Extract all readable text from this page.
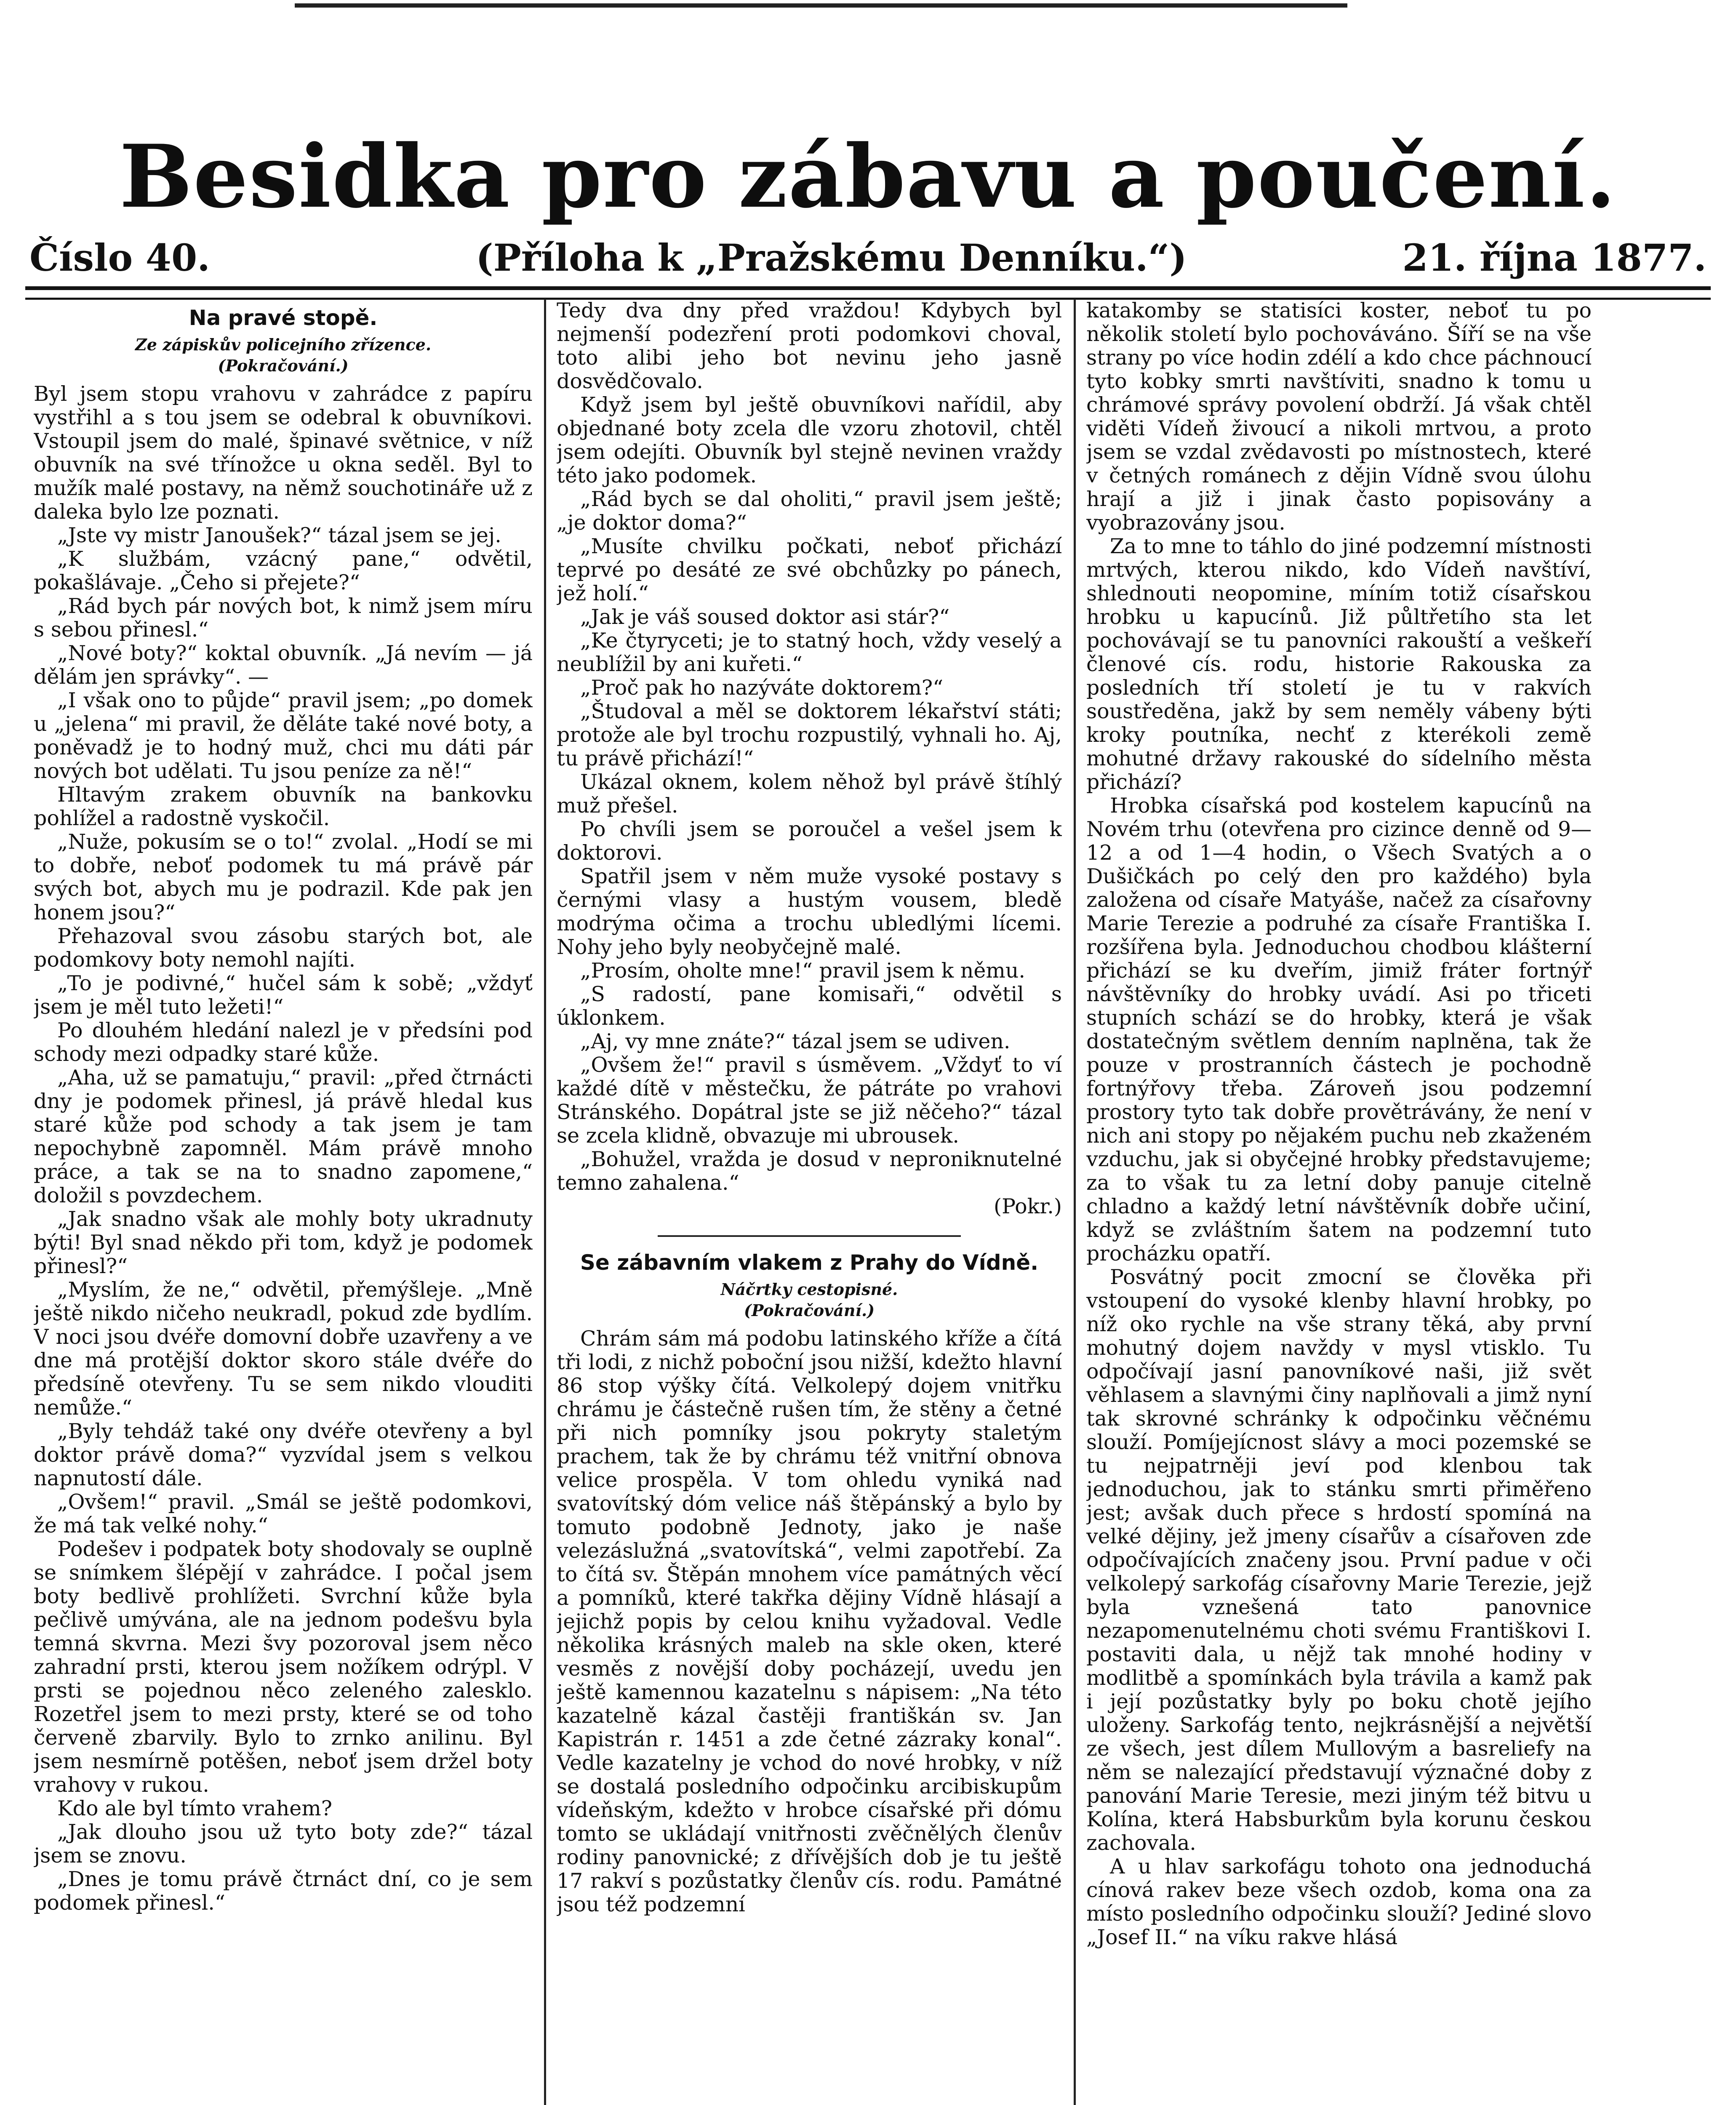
Besidka pro zábavu a poučení.
Číslo 40.	(Příloha k „Pražskému Denníku.“)	21. října 1877.
Na pravé stopě.
Ze zápiskův policejního zřízence.
(Pokračování.)

Byl jsem stopu vrahovu v zahrádce z papíru vystřihl a s tou jsem se odebral k obuvníkovi. Vstoupil jsem do malé, špinavé světnice, v níž obuvník na své třínožce u okna seděl. Byl to mužík malé postavy, na němž souchotináře už z daleka bylo lze poznati.

„Jste vy mistr Janoušek?“ tázal jsem se jej.

„K službám, vzácný pane,“ odvětil, pokašlávaje. „Čeho si přejete?“

„Rád bych pár nových bot, k nimž jsem míru s sebou přinesl.“

„Nové boty?“ koktal obuvník. „Já nevím — já dělám jen správky“. —

„I však ono to půjde“ pravil jsem; „po domek u „jelena“ mi pravil, že děláte také nové boty, a poněvadž je to hodný muž, chci mu dáti pár nových bot udělati. Tu jsou peníze za ně!“

Hltavým zrakem obuvník na bankovku pohlížel a radostně vyskočil.

„Nuže, pokusím se o to!“ zvolal. „Hodí se mi to dobře, neboť podomek tu má právě pár svých bot, abych mu je podrazil. Kde pak jen honem jsou?“

Přehazoval svou zásobu starých bot, ale podomkovy boty nemohl najíti.

„To je podivné,“ hučel sám k sobě; „vždyť jsem je měl tuto ležeti!“

Po dlouhém hledání nalezl je v předsíni pod schody mezi odpadky staré kůže.

„Aha, už se pamatuju,“ pravil: „před čtrnácti dny je podomek přinesl, já právě hledal kus staré kůže pod schody a tak jsem je tam nepochybně zapomněl. Mám právě mnoho práce, a tak se na to snadno zapomene,“ doložil s povzdechem.

„Jak snadno však ale mohly boty ukradnuty býti! Byl snad někdo při tom, když je podomek přinesl?“

„Myslím, že ne,“ odvětil, přemýšleje. „Mně ještě nikdo ničeho neukradl, pokud zde bydlím. V noci jsou dvéře domovní dobře uzavřeny a ve dne má protější doktor skoro stále dvéře do předsíně otevřeny. Tu se sem nikdo vlouditi nemůže.“

„Byly tehdáž také ony dvéře otevřeny a byl doktor právě doma?“ vyzvídal jsem s velkou napnutostí dále.

„Ovšem!“ pravil. „Smál se ještě podomkovi, že má tak velké nohy.“

Podešev i podpatek boty shodovaly se ouplně se snímkem šlépějí v zahrádce. I počal jsem boty bedlivě prohlížeti. Svrchní kůže byla pečlivě umývána, ale na jednom podešvu byla temná skvrna. Mezi švy pozoroval jsem něco zahradní prsti, kterou jsem nožíkem odrýpl. V prsti se pojednou něco zeleného zalesklo. Rozetřel jsem to mezi prsty, které se od toho červeně zbarvily. Bylo to zrnko anilinu. Byl jsem nesmírně potěšen, neboť jsem držel boty vrahovy v rukou.

Kdo ale byl tímto vrahem?

„Jak dlouho jsou už tyto boty zde?“ tázal jsem se znovu.

„Dnes je tomu právě čtrnáct dní, co je sem podomek přinesl.“

Tedy dva dny před vraždou! Kdybych byl nejmenší podezření proti podomkovi choval, toto alibi jeho bot nevinu jeho jasně dosvědčovalo.

Když jsem byl ještě obuvníkovi nařídil, aby objednané boty zcela dle vzoru zhotovil, chtěl jsem odejíti. Obuvník byl stejně nevinen vraždy této jako podomek.

„Rád bych se dal oholiti,“ pravil jsem ještě; „je doktor doma?“

„Musíte chvilku počkati, neboť přichází teprvé po desáté ze své obchůzky po pánech, jež holí.“

„Jak je váš soused doktor asi stár?“

„Ke čtyryceti; je to statný hoch, vždy veselý a neublížil by ani kuřeti.“

„Proč pak ho nazýváte doktorem?“

„Študoval a měl se doktorem lékařství státi; protože ale byl trochu rozpustilý, vyhnali ho. Aj, tu právě přichází!“

Ukázal oknem, kolem něhož byl právě štíhlý muž přešel.

Po chvíli jsem se poroučel a vešel jsem k doktorovi.

Spatřil jsem v něm muže vysoké postavy s černými vlasy a hustým vousem, bledě modrýma očima a trochu ubledlými lícemi. Nohy jeho byly neobyčejně malé.

„Prosím, oholte mne!“ pravil jsem k němu.

„S radostí, pane komisaři,“ odvětil s úklonkem.

„Aj, vy mne znáte?“ tázal jsem se udiven.

„Ovšem že!“ pravil s úsměvem. „Vždyť to ví každé dítě v městečku, že pátráte po vrahovi Stránského. Dopátral jste se již něčeho?“ tázal se zcela klidně, obvazuje mi ubrousek.

„Bohužel, vražda je dosud v neproniknutelné temno zahalena.“

(Pokr.)
Se zábavním vlakem z Prahy do Vídně.
Náčrtky cestopisné.
(Pokračování.)

Chrám sám má podobu latinského kříže a čítá tři lodi, z nichž poboční jsou nižší, kdežto hlavní 86 stop výšky čítá. Velkolepý dojem vnitřku chrámu je částečně rušen tím, že stěny a četné při nich pomníky jsou pokryty staletým prachem, tak že by chrámu též vnitřní obnova velice prospěla. V tom ohledu vyniká nad svatovítský dóm velice náš štěpánský a bylo by tomuto podobně Jednoty, jako je naše velezáslužná „svatovítská“, velmi zapotřebí. Za to čítá sv. Štěpán mnohem více památných věcí a pomníků, které takřka dějiny Vídně hlásají a jejichž popis by celou knihu vyžadoval. Vedle několika krásných maleb na skle oken, které vesměs z novější doby pocházejí, uvedu jen ještě kamennou kazatelnu s nápisem: „Na této kazatelně kázal častěji františkán sv. Jan Kapistrán r. 1451 a zde četné zázraky konal“. Vedle kazatelny je vchod do nové hrobky, v níž se dostalá posledního odpočinku arcibiskupům vídeňským, kdežto v hrobce císařské při dómu tomto se ukládají vnitřnosti zvěčnělých členův rodiny panovnické; z dřívějších dob je tu ještě 17 rakví s pozůstatky členův cís. rodu. Památné jsou též podzemní

katakomby se statisíci koster, neboť tu po několik století bylo pochováváno. Šíří se na vše strany po více hodin zdélí a kdo chce páchnoucí tyto kobky smrti navštíviti, snadno k tomu u chrámové správy povolení obdrží. Já však chtěl viděti Vídeň živoucí a nikoli mrtvou, a proto jsem se vzdal zvědavosti po místnostech, které v četných románech z dějin Vídně svou úlohu hrají a již i jinak často popisovány a vyobrazovány jsou.

Za to mne to táhlo do jiné podzemní místnosti mrtvých, kterou nikdo, kdo Vídeň navštíví, shlednouti neopomine, míním totiž císařskou hrobku u kapucínů. Již půltřetího sta let pochovávají se tu panovníci rakouští a veškeří členové cís. rodu, historie Rakouska za posledních tří století je tu v rakvích soustředěna, jakž by sem neměly vábeny býti kroky poutníka, nechť z kterékoli země mohutné državy rakouské do sídelního města přichází?

Hrobka císařská pod kostelem kapucínů na Novém trhu (otevřena pro cizince denně od 9—12 a od 1—4 hodin, o Všech Svatých a o Dušičkách po celý den pro každého) byla založena od císaře Matyáše, načež za císařovny Marie Terezie a podruhé za císaře Františka I. rozšířena byla. Jednoduchou chodbou klášterní přichází se ku dveřím, jimiž fráter fortnýř návštěvníky do hrobky uvádí. Asi po třiceti stupních schází se do hrobky, která je však dostatečným světlem denním naplněna, tak že pouze v prostranních částech je pochodně fortnýřovy třeba. Zároveň jsou podzemní prostory tyto tak dobře provětrávány, že není v nich ani stopy po nějakém puchu neb zkaženém vzduchu, jak si obyčejné hrobky představujeme; za to však tu za letní doby panuje citelně chladno a každý letní návštěvník dobře učiní, když se zvláštním šatem na podzemní tuto procházku opatří.

Posvátný pocit zmocní se člověka při vstoupení do vysoké klenby hlavní hrobky, po níž oko rychle na vše strany těká, aby první mohutný dojem navždy v mysl vtisklo. Tu odpočívají jasní panovníkové naši, již svět věhlasem a slavnými činy naplňovali a jimž nyní tak skrovné schránky k odpočinku věčnému slouží. Pomíjejícnost slávy a moci pozemské se tu nejpatrněji jeví pod klenbou tak jednoduchou, jak to stánku smrti přiměřeno jest; avšak duch přece s hrdostí spomíná na velké dějiny, jež jmeny císařův a císařoven zde odpočívajících značeny jsou. První padue v oči velkolepý sarkofág císařovny Marie Terezie, jejž byla vznešená tato panovnice nezapomenutelnému choti svému Františkovi I. postaviti dala, u nějž tak mnohé hodiny v modlitbě a spomínkách byla trávila a kamž pak i její pozůstatky byly po boku chotě jejího uloženy. Sarkofág tento, nejkrásnější a největší ze všech, jest dílem Mullovým a basreliefy na něm se nalezající představují význačné doby z panování Marie Teresie, mezi jiným též bitvu u Kolína, která Habsburkům byla korunu českou zachovala.

A u hlav sarkofágu tohoto ona jednoduchá cínová rakev beze všech ozdob, koma ona za místo posledního odpočinku slouží? Jediné slovo „Josef II.“ na víku rakve hlásá
